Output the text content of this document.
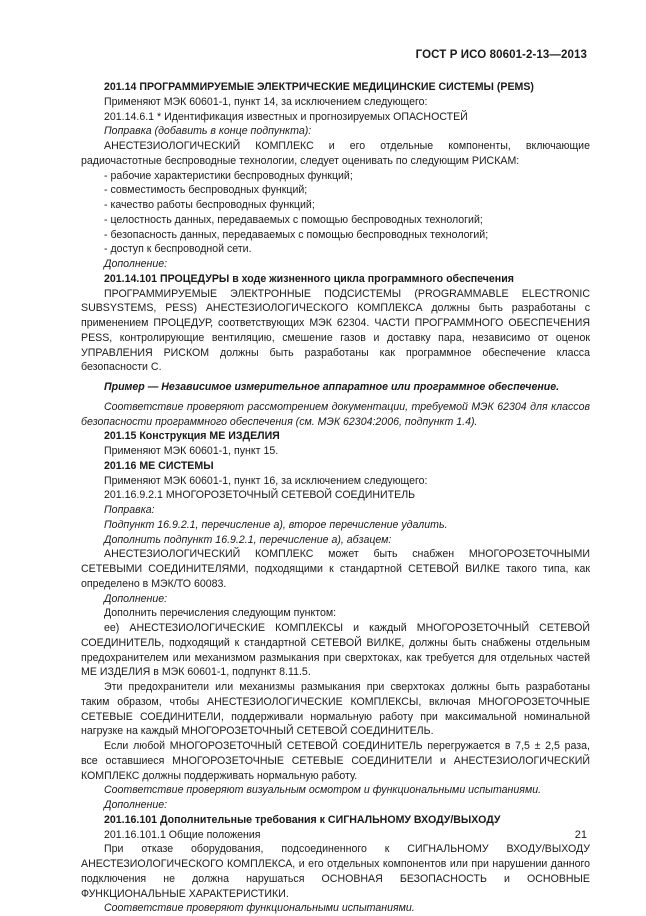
ГОСТ Р ИСО 80601-2-13—2013

201.14 ПРОГРАММИРУЕМЫЕ ЭЛЕКТРИЧЕСКИЕ МЕДИЦИНСКИЕ СИСТЕМЫ (PEMS)

Применяют МЭК 60601-1, пункт 14, за исключением следующего:

201.14.6.1 * Идентификация известных и прогнозируемых ОПАСНОСТЕЙ

Поправка (добавить в конце подпункта):

АНЕСТЕЗИОЛОГИЧЕСКИЙ КОМПЛЕКС и его отдельные компоненты, включающие радиочастотные беспроводные технологии, следует оценивать по следующим РИСКАМ:

- рабочие характеристики беспроводных функций;

- совместимость беспроводных функций;

- качество работы беспроводных функций;

- целостность данных, передаваемых с помощью беспроводных технологий;

- безопасность данных, передаваемых с помощью беспроводных технологий;

- доступ к беспроводной сети.

Дополнение:

201.14.101 ПРОЦЕДУРЫ в ходе жизненного цикла программного обеспечения

ПРОГРАММИРУЕМЫЕ ЭЛЕКТРОННЫЕ ПОДСИСТЕМЫ (PROGRAMMABLE ELECTRONIC SUBSYSTEMS, PESS) АНЕСТЕЗИОЛОГИЧЕСКОГО КОМПЛЕКСА должны быть разработаны с применением ПРОЦЕДУР, соответствующих МЭК 62304. ЧАСТИ ПРОГРАММНОГО ОБЕСПЕЧЕНИЯ PESS, контролирующие вентиляцию, смешение газов и доставку пара, независимо от оценок УПРАВЛЕНИЯ РИСКОМ должны быть разработаны как программное обеспечение класса безопасности C.

Пример — Независимое измерительное аппаратное или программное обеспечение.

Соответствие проверяют рассмотрением документации, требуемой МЭК 62304 для классов безопасности программного обеспечения (см. МЭК 62304:2006, подпункт 1.4).

201.15 Конструкция МЕ ИЗДЕЛИЯ

Применяют МЭК 60601-1, пункт 15.

201.16 МЕ СИСТЕМЫ

Применяют МЭК 60601-1, пункт 16, за исключением следующего:

201.16.9.2.1 МНОГОРОЗЕТОЧНЫЙ СЕТЕВОЙ СОЕДИНИТЕЛЬ

Поправка:

Подпункт 16.9.2.1, перечисление a), второе перечисление удалить.

Дополнить подпункт 16.9.2.1, перечисление a), абзацем:

АНЕСТЕЗИОЛОГИЧЕСКИЙ КОМПЛЕКС может быть снабжен МНОГОРОЗЕТОЧНЫМИ СЕТЕВЫМИ СОЕДИНИТЕЛЯМИ, подходящими к стандартной СЕТЕВОЙ ВИЛКЕ такого типа, как определено в МЭК/ТО 60083.

Дополнение:

Дополнить перечисления следующим пунктом:

ее) АНЕСТЕЗИОЛОГИЧЕСКИЕ КОМПЛЕКСЫ и каждый МНОГОРОЗЕТОЧНЫЙ СЕТЕВОЙ СОЕДИНИТЕЛЬ, подходящий к стандартной СЕТЕВОЙ ВИЛКЕ, должны быть снабжены отдельным предохранителем или механизмом размыкания при сверхтоках, как требуется для отдельных частей МЕ ИЗДЕЛИЯ в МЭК 60601-1, подпункт 8.11.5.

Эти предохранители или механизмы размыкания при сверхтоках должны быть разработаны таким образом, чтобы АНЕСТЕЗИОЛОГИЧЕСКИЕ КОМПЛЕКСЫ, включая МНОГОРОЗЕТОЧНЫЕ СЕТЕВЫЕ СОЕДИНИТЕЛИ, поддерживали нормальную работу при максимальной номинальной нагрузке на каждый МНОГОРОЗЕТОЧНЫЙ СЕТЕВОЙ СОЕДИНИТЕЛЬ.

Если любой МНОГОРОЗЕТОЧНЫЙ СЕТЕВОЙ СОЕДИНИТЕЛЬ перегружается в 7,5 ± 2,5 раза, все оставшиеся МНОГОРОЗЕТОЧНЫЕ СЕТЕВЫЕ СОЕДИНИТЕЛИ и АНЕСТЕЗИОЛОГИЧЕСКИЙ КОМПЛЕКС должны поддерживать нормальную работу.

Соответствие проверяют визуальным осмотром и функциональными испытаниями.

Дополнение:

201.16.101 Дополнительные требования к СИГНАЛЬНОМУ ВХОДУ/ВЫХОДУ

201.16.101.1 Общие положения

При отказе оборудования, подсоединенного к СИГНАЛЬНОМУ ВХОДУ/ВЫХОДУ АНЕСТЕЗИОЛОГИЧЕСКОГО КОМПЛЕКСА, и его отдельных компонентов или при нарушении данного подключения не должна нарушаться ОСНОВНАЯ БЕЗОПАСНОСТЬ и ОСНОВНЫЕ ФУНКЦИОНАЛЬНЫЕ ХАРАКТЕРИСТИКИ.

Соответствие проверяют функциональными испытаниями.

21
